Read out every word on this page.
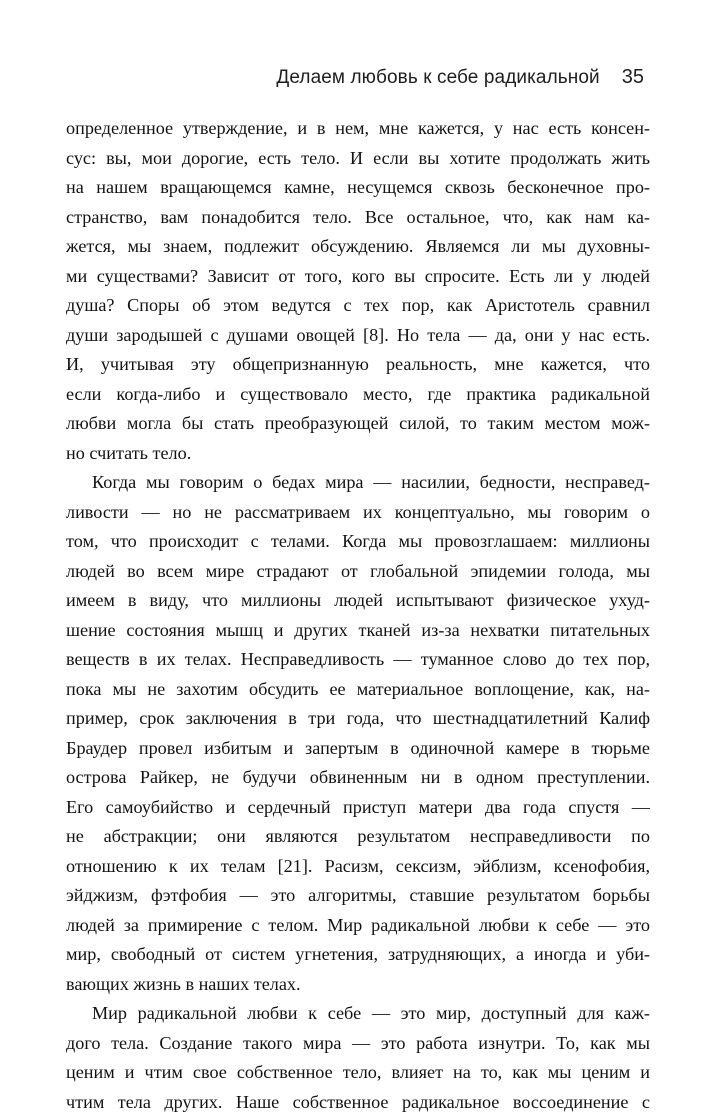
Делаем любовь к себе радикальной 35
определенное утверждение, и в нем, мне кажется, у нас есть консен-
сус: вы, мои дорогие, есть тело. И если вы хотите продолжать жить
на нашем вращающемся камне, несущемся сквозь бесконечное про-
странство, вам понадобится тело. Все остальное, что, как нам ка-
жется, мы знаем, подлежит обсуждению. Являемся ли мы духовны-
ми существами? Зависит от того, кого вы спросите. Есть ли у людей
душа? Споры об этом ведутся с тех пор, как Аристотель сравнил
души зародышей с душами овощей [8]. Но тела — да, они у нас есть.
И, учитывая эту общепризнанную реальность, мне кажется, что
если когда-либо и существовало место, где практика радикальной
любви могла бы стать преобразующей силой, то таким местом мож-
но считать тело.
Когда мы говорим о бедах мира — насилии, бедности, несправед-
ливости — но не рассматриваем их концептуально, мы говорим о
том, что происходит с телами. Когда мы провозглашаем: миллионы
людей во всем мире страдают от глобальной эпидемии голода, мы
имеем в виду, что миллионы людей испытывают физическое ухуд-
шение состояния мышц и других тканей из-за нехватки питательных
веществ в их телах. Несправедливость — туманное слово до тех пор,
пока мы не захотим обсудить ее материальное воплощение, как, на-
пример, срок заключения в три года, что шестнадцатилетний Калиф
Браудер провел избитым и запертым в одиночной камере в тюрьме
острова Райкер, не будучи обвиненным ни в одном преступлении.
Его самоубийство и сердечный приступ матери два года спустя —
не абстракции; они являются результатом несправедливости по
отношению к их телам [21]. Расизм, сексизм, эйблизм, ксенофобия,
эйджизм, фэтфобия — это алгоритмы, ставшие результатом борьбы
людей за примирение с телом. Мир радикальной любви к себе — это
мир, свободный от систем угнетения, затрудняющих, а иногда и уби-
вающих жизнь в наших телах.
Мир радикальной любви к себе — это мир, доступный для каж-
дого тела. Создание такого мира — это работа изнутри. То, как мы
ценим и чтим свое собственное тело, влияет на то, как мы ценим и
чтим тела других. Наше собственное радикальное воссоединение с
